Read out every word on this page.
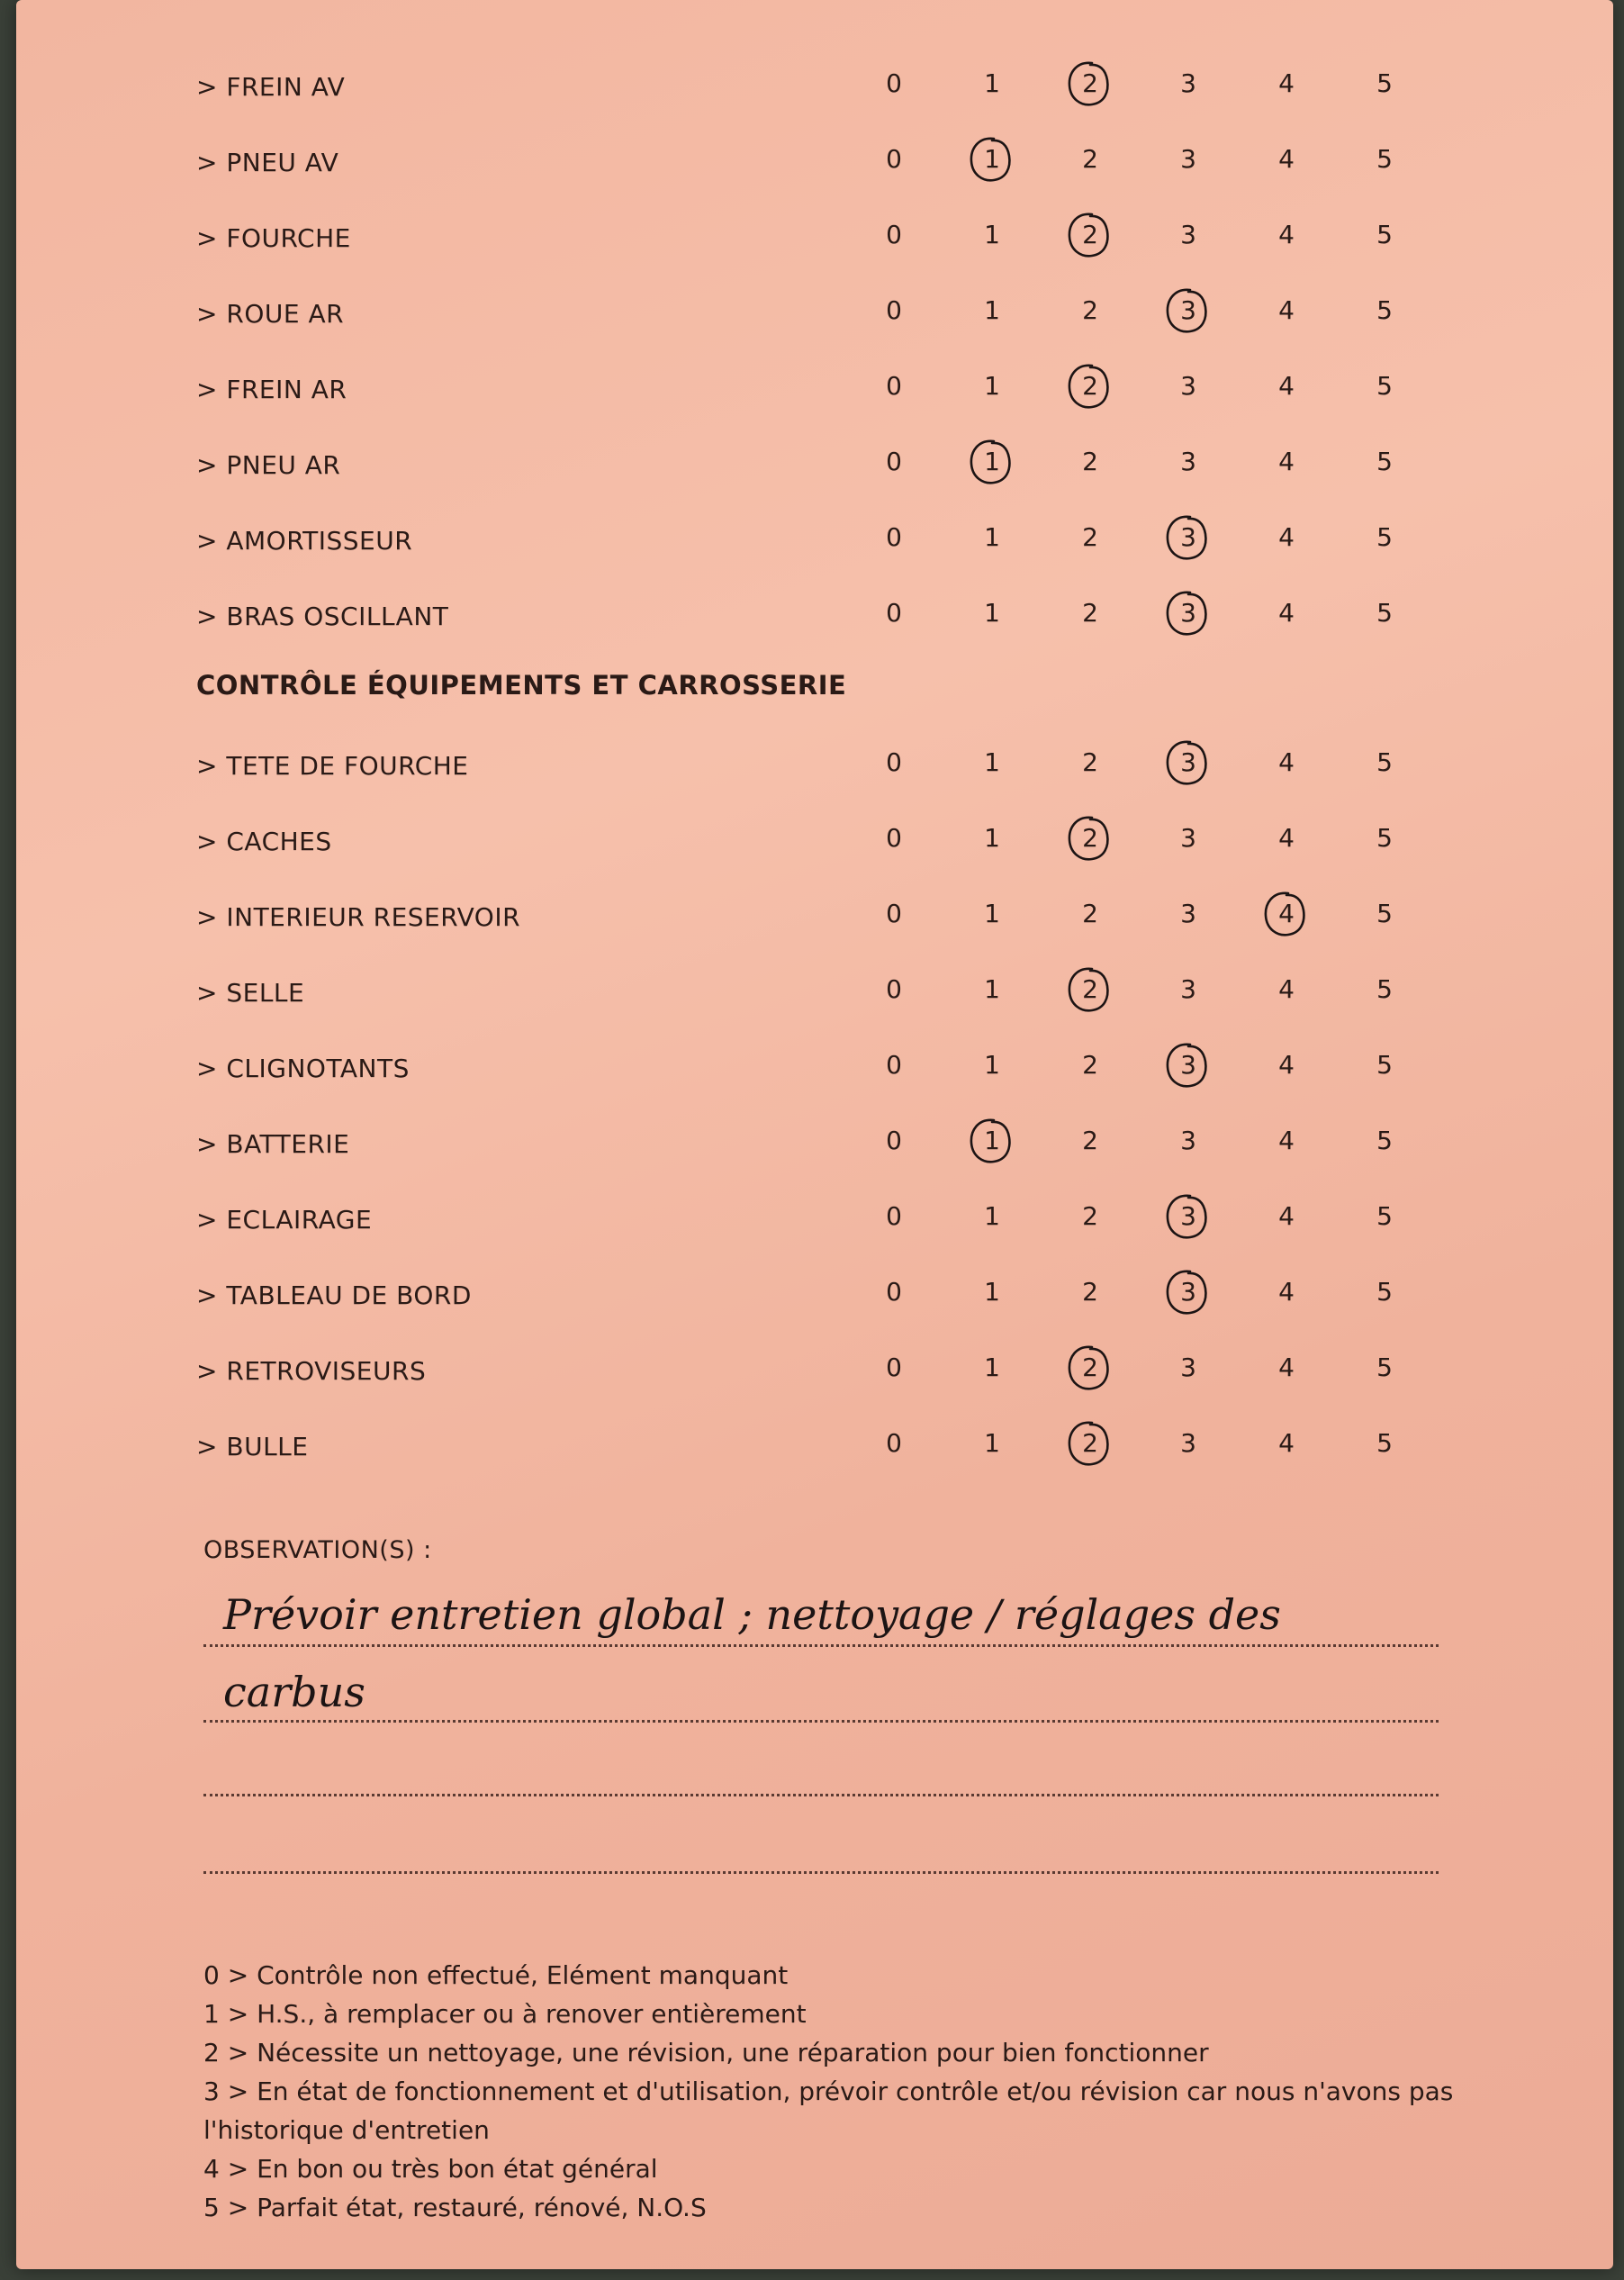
> FREIN AV	0	1	2	3	4	5
> PNEU AV	0	1	2	3	4	5
> FOURCHE	0	1	2	3	4	5
> ROUE AR	0	1	2	3	4	5
> FREIN AR	0	1	2	3	4	5
> PNEU AR	0	1	2	3	4	5
> AMORTISSEUR	0	1	2	3	4	5
> BRAS OSCILLANT	0	1	2	3	4	5
CONTRÔLE ÉQUIPEMENTS ET CARROSSERIE
> TETE DE FOURCHE	0	1	2	3	4	5
> CACHES	0	1	2	3	4	5
> INTERIEUR RESERVOIR	0	1	2	3	4	5
> SELLE	0	1	2	3	4	5
> CLIGNOTANTS	0	1	2	3	4	5
> BATTERIE	0	1	2	3	4	5
> ECLAIRAGE	0	1	2	3	4	5
> TABLEAU DE BORD	0	1	2	3	4	5
> RETROVISEURS	0	1	2	3	4	5
> BULLE	0	1	2	3	4	5
OBSERVATION(S) :
Prévoir entretien global ; nettoyage / réglages des
carbus
0 > Contrôle non effectué, Elément manquant
1 > H.S., à remplacer ou à renover entièrement
2 > Nécessite un nettoyage, une révision, une réparation pour bien fonctionner
3 > En état de fonctionnement et d'utilisation, prévoir contrôle et/ou révision car nous n'avons pas l'historique d'entretien
4 > En bon ou très bon état général
5 > Parfait état, restauré, rénové, N.O.S
